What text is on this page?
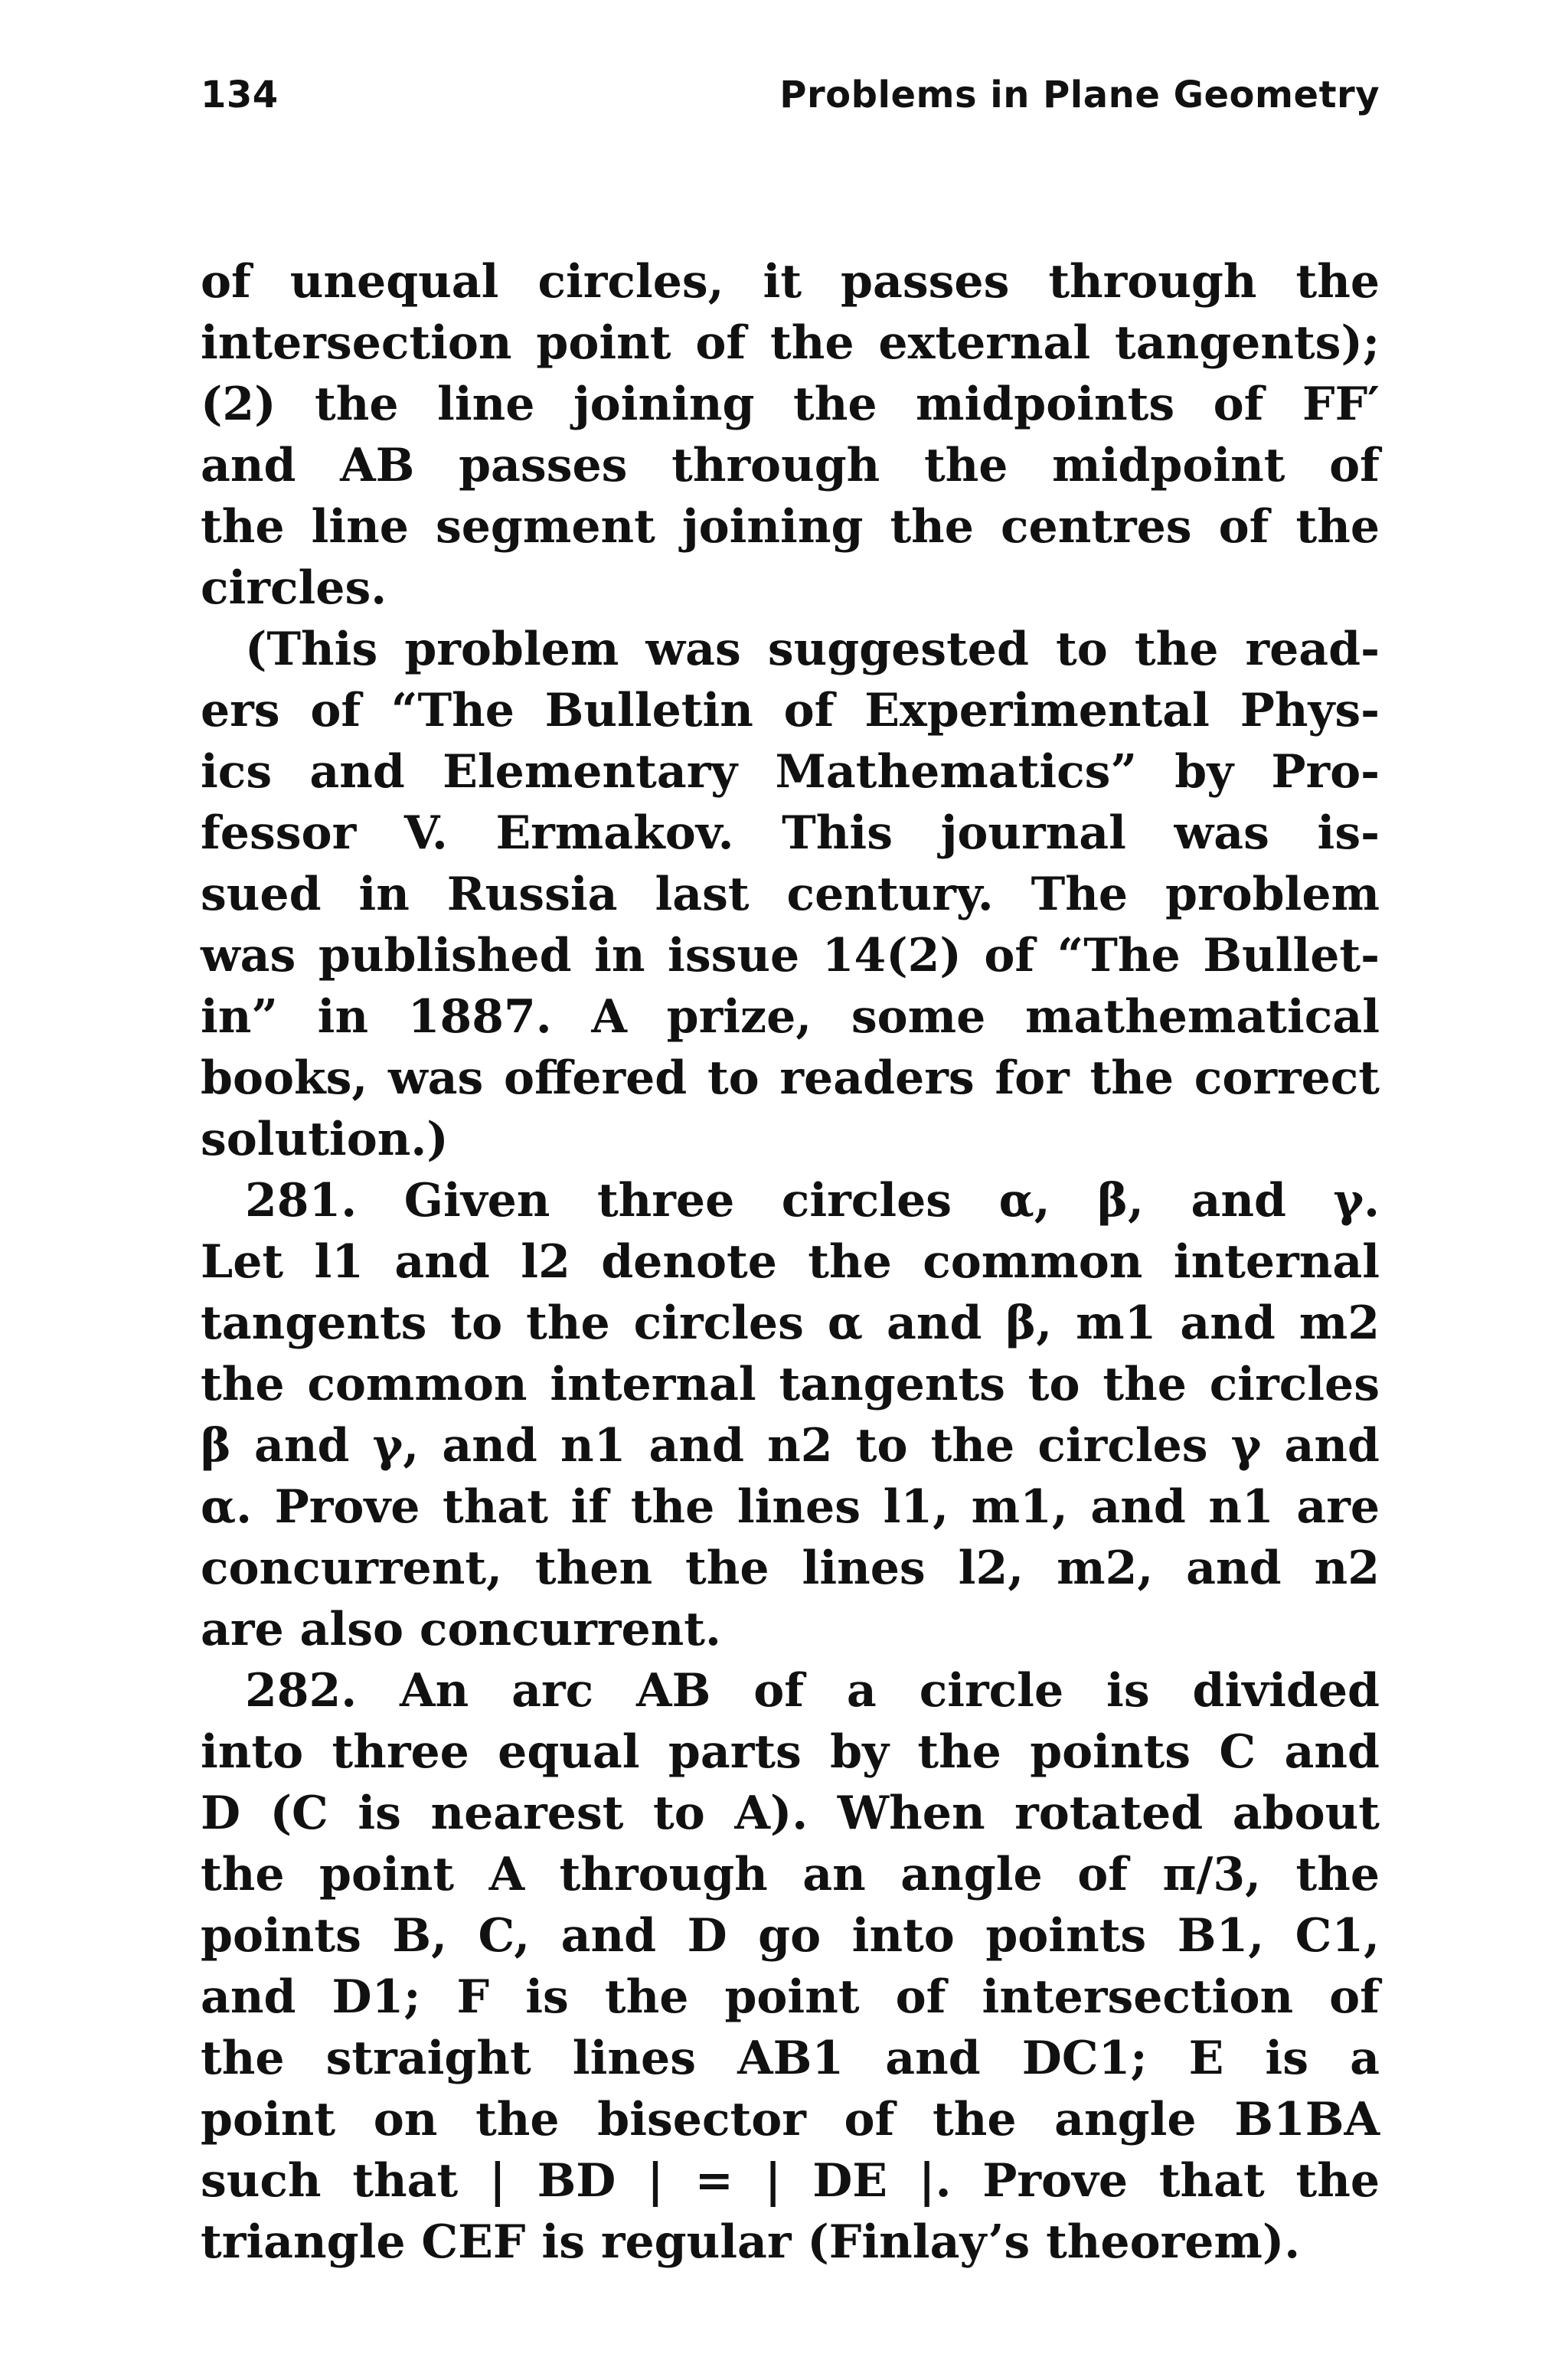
134	Problems in Plane Geometry
of unequal circles, it passes through the
intersection point of the external tangents);
(2) the line joining the midpoints of FF′
and AB passes through the midpoint of
the line segment joining the centres of the
circles.
(This problem was suggested to the read-
ers of “The Bulletin of Experimental Phys-
ics and Elementary Mathematics” by Pro-
fessor V. Ermakov. This journal was is-
sued in Russia last century. The problem
was published in issue 14(2) of “The Bullet-
in” in 1887. A prize, some mathematical
books, was offered to readers for the correct
solution.)
281. Given three circles α, β, and γ.
Let l1 and l2 denote the common internal
tangents to the circles α and β, m1 and m2
the common internal tangents to the circles
β and γ, and n1 and n2 to the circles γ and
α. Prove that if the lines l1, m1, and n1 are
concurrent, then the lines l2, m2, and n2
are also concurrent.
282. An arc AB of a circle is divided
into three equal parts by the points C and
D (C is nearest to A). When rotated about
the point A through an angle of π/3, the
points B, C, and D go into points B1, C1,
and D1; F is the point of intersection of
the straight lines AB1 and DC1; E is a
point on the bisector of the angle B1BA
such that | BD | = | DE |. Prove that the
triangle CEF is regular (Finlay’s theorem).
